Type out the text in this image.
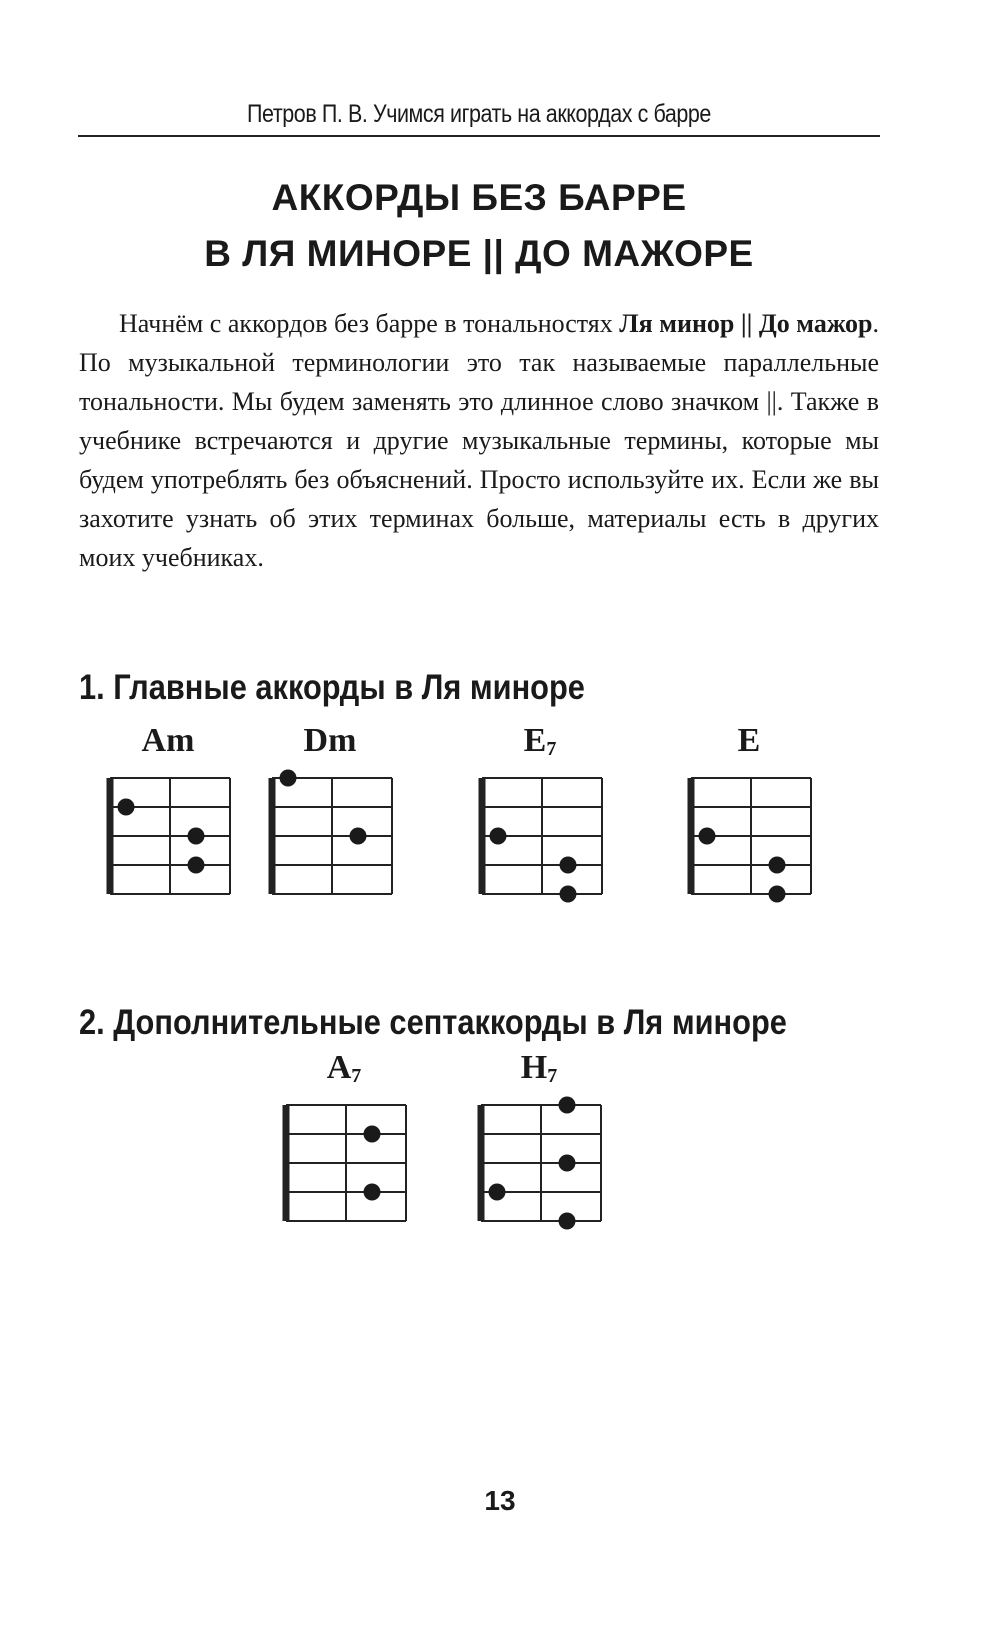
Петров П. В. Учимся играть на аккордах с барре
АККОРДЫ БЕЗ БАРРЕ
В ЛЯ МИНОРЕ || ДО МАЖОРЕ

Начнём с аккордов без барре в тональностях Ля минор || До мажор. По музыкальной терминологии это так называемые параллельные тональности. Мы будем заменять это длинное слово значком ||. Также в учебнике встречаются и другие музыкальные термины, которые мы будем употреблять без объяснений. Просто используйте их. Если же вы захотите узнать об этих терминах больше, материалы есть в других моих учебниках.

1. Главные аккорды в Ля миноре
2. Дополнительные септаккорды в Ля миноре
Am	Dm	$E_7$	E
$A_7$	$H_7$
13
